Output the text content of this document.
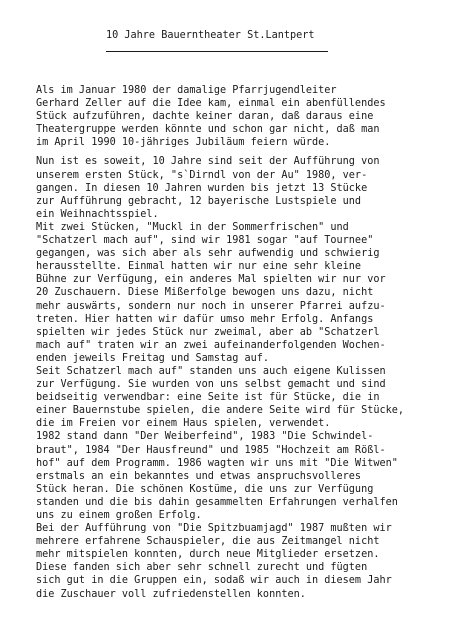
10 Jahre Bauerntheater St.Lantpert
Als im Januar 1980 der damalige Pfarrjugendleiter
Gerhard Zeller auf die Idee kam, einmal ein abenfüllendes
Stück aufzuführen, dachte keiner daran, daß daraus eine
Theatergruppe werden könnte und schon gar nicht, daß man
im April 1990 10-jähriges Jubiläum feiern würde.
Nun ist es soweit, 10 Jahre sind seit der Aufführung von
unserem ersten Stück, "s`Dirndl von der Au" 1980, ver-
gangen. In diesen 10 Jahren wurden bis jetzt 13 Stücke
zur Aufführung gebracht, 12 bayerische Lustspiele und
ein Weihnachtsspiel.
Mit zwei Stücken, "Muckl in der Sommerfrischen" und
"Schatzerl mach auf", sind wir 1981 sogar "auf Tournee"
gegangen, was sich aber als sehr aufwendig und schwierig
herausstellte. Einmal hatten wir nur eine sehr kleine
Bühne zur Verfügung, ein anderes Mal spielten wir nur vor
20 Zuschauern. Diese Mißerfolge bewogen uns dazu, nicht
mehr auswärts, sondern nur noch in unserer Pfarrei aufzu-
treten. Hier hatten wir dafür umso mehr Erfolg. Anfangs
spielten wir jedes Stück nur zweimal, aber ab "Schatzerl
mach auf" traten wir an zwei aufeinanderfolgenden Wochen-
enden jeweils Freitag und Samstag auf.
Seit Schatzerl mach auf" standen uns auch eigene Kulissen
zur Verfügung. Sie wurden von uns selbst gemacht und sind
beidseitig verwendbar: eine Seite ist für Stücke, die in
einer Bauernstube spielen, die andere Seite wird für Stücke,
die im Freien vor einem Haus spielen, verwendet.
1982 stand dann "Der Weiberfeind", 1983 "Die Schwindel-
braut", 1984 "Der Hausfreund" und 1985 "Hochzeit am Rößl-
hof" auf dem Programm. 1986 wagten wir uns mit "Die Witwen"
erstmals an ein bekanntes und etwas anspruchsvolleres
Stück heran. Die schönen Kostüme, die uns zur Verfügung
standen und die bis dahin gesammelten Erfahrungen verhalfen
uns zu einem großen Erfolg.
Bei der Aufführung von "Die Spitzbuamjagd" 1987 mußten wir
mehrere erfahrene Schauspieler, die aus Zeitmangel nicht
mehr mitspielen konnten, durch neue Mitglieder ersetzen.
Diese fanden sich aber sehr schnell zurecht und fügten
sich gut in die Gruppen ein, sodaß wir auch in diesem Jahr
die Zuschauer voll zufriedenstellen konnten.
